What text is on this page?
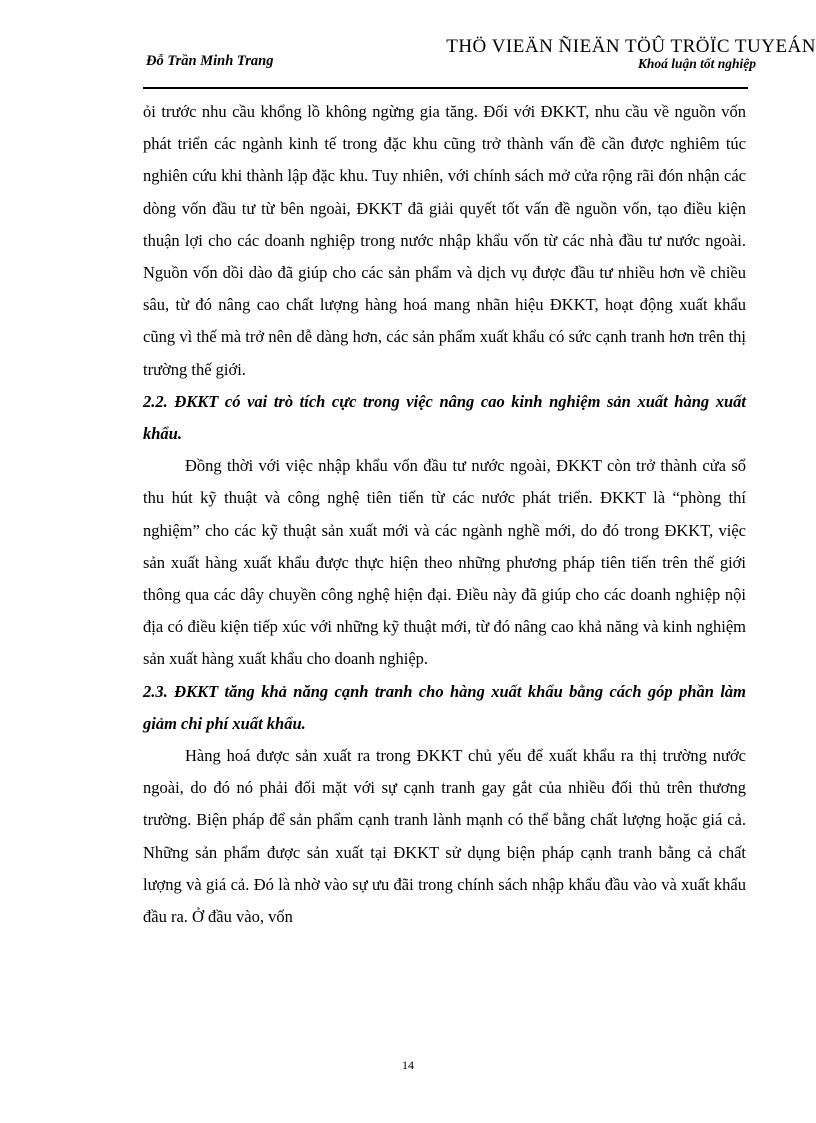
THÖ VIEÄN ÑIEÄN TÖÛ TRÖÏC TUYEÁN
Đỗ Trần Minh Trang	Khoá luận tốt nghiệp

ỏi trước nhu cầu khổng lồ không ngừng gia tăng. Đối với ĐKKT, nhu cầu về nguồn vốn phát triển các ngành kinh tế trong đặc khu cũng trở thành vấn đề cần được nghiêm túc nghiên cứu khi thành lập đặc khu. Tuy nhiên, với chính sách mở cửa rộng rãi đón nhận các dòng vốn đầu tư từ bên ngoài, ĐKKT đã giải quyết tốt vấn đề nguồn vốn, tạo điều kiện thuận lợi cho các doanh nghiệp trong nước nhập khẩu vốn từ các nhà đầu tư nước ngoài. Nguồn vốn dồi dào đã giúp cho các sản phẩm và dịch vụ được đầu tư nhiều hơn về chiều sâu, từ đó nâng cao chất lượng hàng hoá mang nhãn hiệu ĐKKT, hoạt động xuất khẩu cũng vì thế mà trở nên dễ dàng hơn, các sản phẩm xuất khẩu có sức cạnh tranh hơn trên thị trường thế giới.

2.2. ĐKKT có vai trò tích cực trong việc nâng cao kinh nghiệm sản xuất hàng xuất khẩu.

Đồng thời với việc nhập khẩu vốn đầu tư nước ngoài, ĐKKT còn trở thành cửa sổ thu hút kỹ thuật và công nghệ tiên tiến từ các nước phát triển. ĐKKT là “phòng thí nghiệm” cho các kỹ thuật sản xuất mới và các ngành nghề mới, do đó trong ĐKKT, việc sản xuất hàng xuất khẩu được thực hiện theo những phương pháp tiên tiến trên thế giới thông qua các dây chuyền công nghệ hiện đại. Điều này đã giúp cho các doanh nghiệp nội địa có điều kiện tiếp xúc với những kỹ thuật mới, từ đó nâng cao khả năng và kinh nghiệm sản xuất hàng xuất khẩu cho doanh nghiệp.

2.3. ĐKKT tăng khả năng cạnh tranh cho hàng xuất khẩu bằng cách góp phần làm giảm chi phí xuất khẩu.

Hàng hoá được sản xuất ra trong ĐKKT chủ yếu để xuất khẩu ra thị trường nước ngoài, do đó nó phải đối mặt với sự cạnh tranh gay gắt của nhiều đối thủ trên thương trường. Biện pháp để sản phẩm cạnh tranh lành mạnh có thể bằng chất lượng hoặc giá cả. Những sản phẩm được sản xuất tại ĐKKT sử dụng biện pháp cạnh tranh bằng cả chất lượng và giá cả. Đó là nhờ vào sự ưu đãi trong chính sách nhập khẩu đầu vào và xuất khẩu đầu ra. Ở đầu vào, vốn

14
